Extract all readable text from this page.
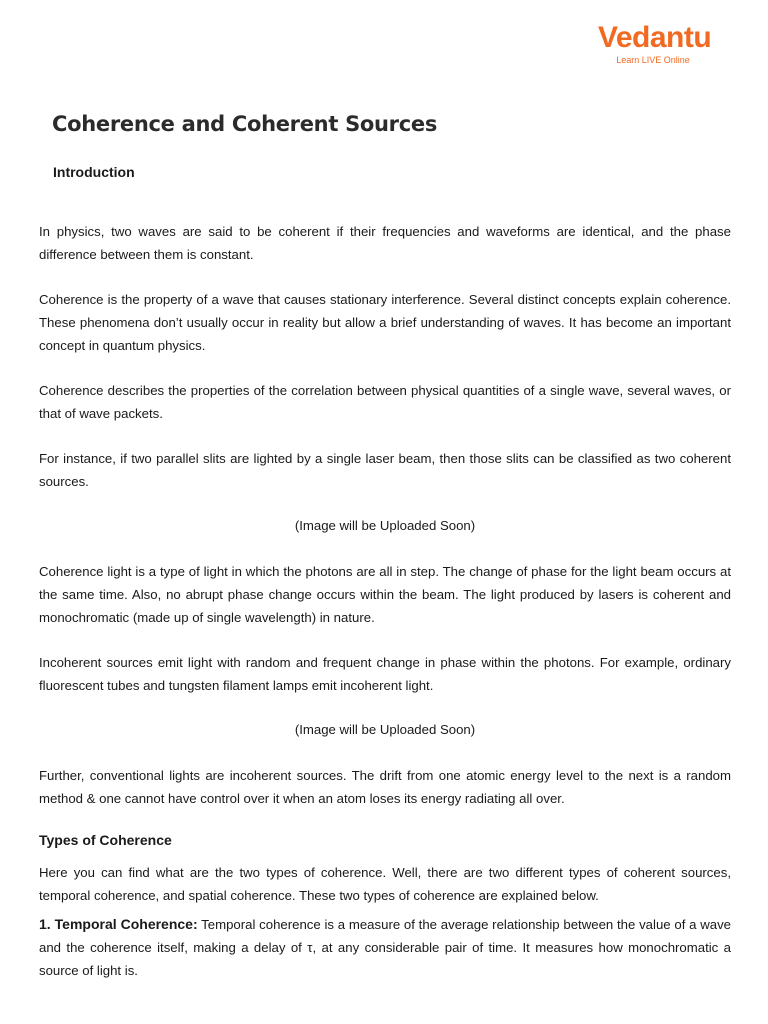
Vedantu
Learn LIVE Online
Coherence and Coherent Sources
Introduction

In physics, two waves are said to be coherent if their frequencies and waveforms are identical, and the phase difference between them is constant.

Coherence is the property of a wave that causes stationary interference. Several distinct concepts explain coherence. These phenomena don’t usually occur in reality but allow a brief understanding of waves. It has become an important concept in quantum physics.

Coherence describes the properties of the correlation between physical quantities of a single wave, several waves, or that of wave packets.

For instance, if two parallel slits are lighted by a single laser beam, then those slits can be classified as two coherent sources.

(Image will be Uploaded Soon)

Coherence light is a type of light in which the photons are all in step. The change of phase for the light beam occurs at the same time. Also, no abrupt phase change occurs within the beam. The light produced by lasers is coherent and monochromatic (made up of single wavelength) in nature.

Incoherent sources emit light with random and frequent change in phase within the photons. For example, ordinary fluorescent tubes and tungsten filament lamps emit incoherent light.

(Image will be Uploaded Soon)

Further, conventional lights are incoherent sources. The drift from one atomic energy level to the next is a random method & one cannot have control over it when an atom loses its energy radiating all over.

Types of Coherence

Here you can find what are the two types of coherence. Well, there are two different types of coherent sources, temporal coherence, and spatial coherence. These two types of coherence are explained below.

1. Temporal Coherence: Temporal coherence is a measure of the average relationship between the value of a wave and the coherence itself, making a delay of τ, at any considerable pair of time. It measures how monochromatic a source of light is.
